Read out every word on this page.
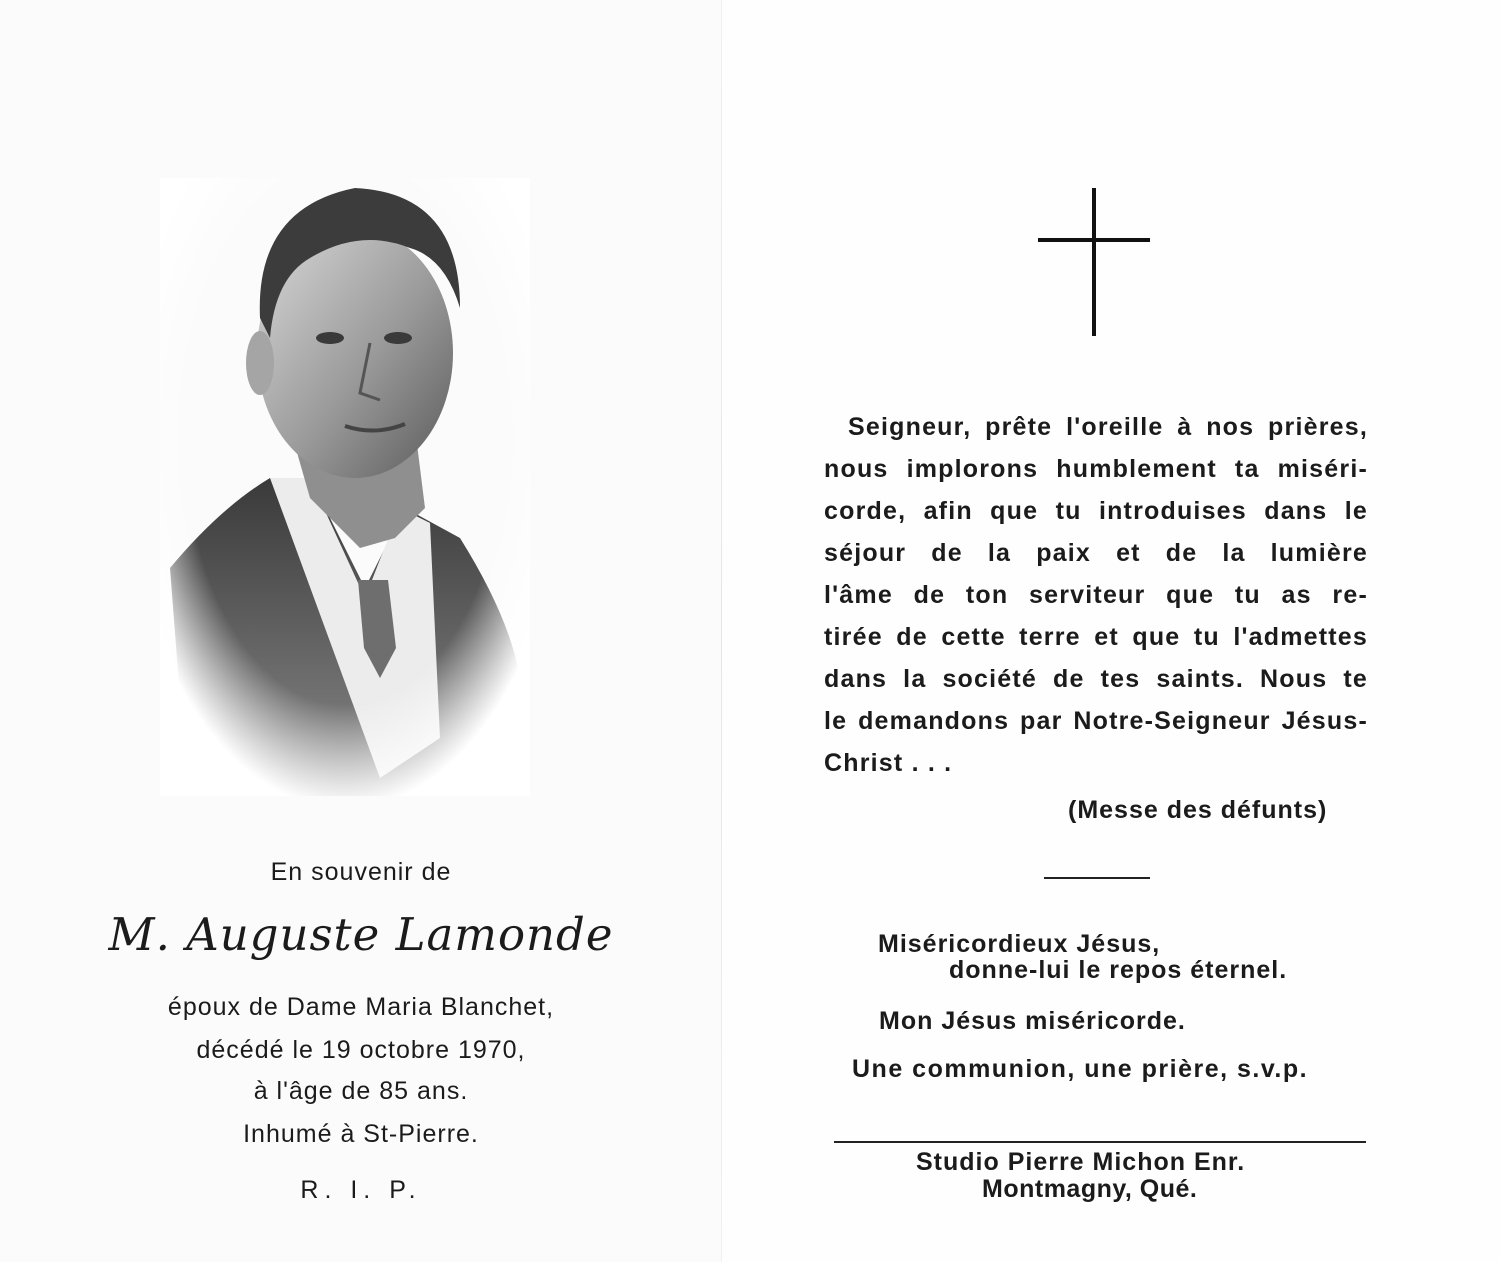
En souvenir de
M. Auguste Lamonde
époux de Dame Maria Blanchet,
décédé le 19 octobre 1970,
à l'âge de 85 ans.
Inhumé à St-Pierre.
R. I. P.

Seigneur, prête l'oreille à nos prières,
nous implorons humblement ta miséri-
corde, afin que tu introduises dans le
séjour de la paix et de la lumière
l'âme de ton serviteur que tu as re-
tirée de cette terre et que tu l'admettes
dans la société de tes saints. Nous te
le demandons par Notre-Seigneur Jésus-
Christ . . .

(Messe des défunts)
Miséricordieux Jésus,
donne-lui le repos éternel.
Mon Jésus miséricorde.
Une communion, une prière, s.v.p.
Studio Pierre Michon Enr.
Montmagny, Qué.
